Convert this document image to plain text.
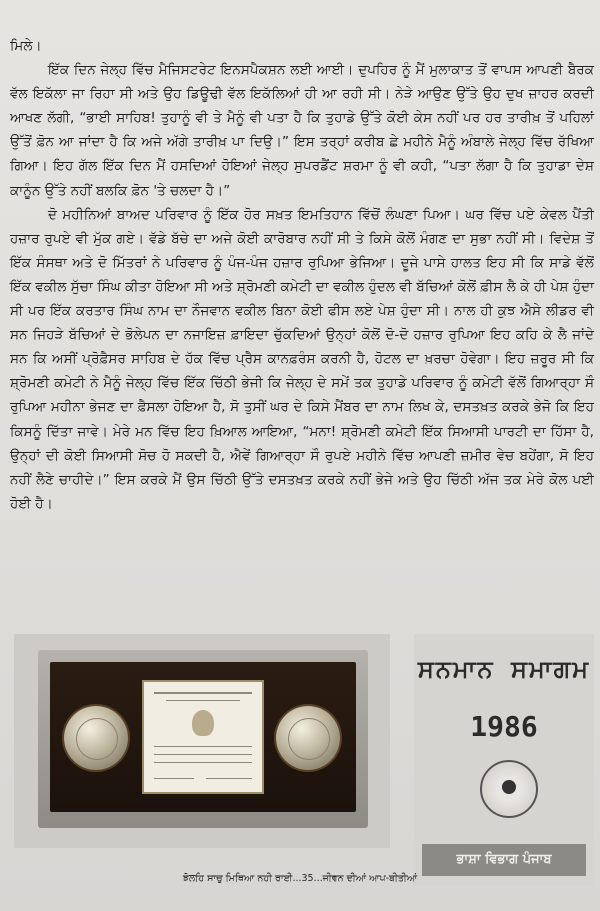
ਮਿਲੇ।

ਇੱਕ ਦਿਨ ਜੇਲ੍ਹ ਵਿੱਚ ਮੈਜਿਸਟਰੇਟ ਇਨਸਪੈਕਸ਼ਨ ਲਈ ਆਈ। ਦੁਪਹਿਰ ਨੂੰ ਮੈਂ ਮੁਲਾਕਾਤ ਤੋਂ ਵਾਪਸ ਆਪਣੀ ਬੈਰਕ ਵੱਲ ਇਕੱਲਾ ਜਾ ਰਿਹਾ ਸੀ ਅਤੇ ਉਹ ਡਿਊਢੀ ਵੱਲ ਇਕੱਲਿਆਂ ਹੀ ਆ ਰਹੀ ਸੀ। ਨੇੜੇ ਆਉਣ ਉੱਤੇ ਉਹ ਦੁਖ ਜ਼ਾਹਰ ਕਰਦੀ ਆਖਣ ਲੱਗੀ, “ਭਾਈ ਸਾਹਿਬ! ਤੁਹਾਨੂੰ ਵੀ ਤੇ ਮੈਨੂੰ ਵੀ ਪਤਾ ਹੈ ਕਿ ਤੁਹਾਡੇ ਉੱਤੇ ਕੋਈ ਕੇਸ ਨਹੀਂ ਪਰ ਹਰ ਤਾਰੀਖ਼ ਤੋਂ ਪਹਿਲਾਂ ਉੱਤੋਂ ਫ਼ੋਨ ਆ ਜਾਂਦਾ ਹੈ ਕਿ ਅਜੇ ਅੱਗੇ ਤਾਰੀਖ਼ ਪਾ ਦਿਉ।” ਇਸ ਤਰ੍ਹਾਂ ਕਰੀਬ ਛੇ ਮਹੀਨੇ ਮੈਨੂੰ ਅੰਬਾਲੇ ਜੇਲ੍ਹ ਵਿੱਚ ਰੱਖਿਆ ਗਿਆ। ਇਹ ਗੱਲ ਇੱਕ ਦਿਨ ਮੈਂ ਹਸਦਿਆਂ ਹੋਇਆਂ ਜੇਲ੍ਹ ਸੁਪਰਡੈਂਟ ਸ਼ਰਮਾ ਨੂੰ ਵੀ ਕਹੀ, “ਪਤਾ ਲੱਗਾ ਹੈ ਕਿ ਤੁਹਾਡਾ ਦੇਸ਼ ਕਾਨੂੰਨ ਉੱਤੇ ਨਹੀਂ ਬਲਕਿ ਫ਼ੋਨ 'ਤੇ ਚਲਦਾ ਹੈ।”

ਦੋ ਮਹੀਨਿਆਂ ਬਾਅਦ ਪਰਿਵਾਰ ਨੂੰ ਇੱਕ ਹੋਰ ਸਖ਼ਤ ਇਮਤਿਹਾਨ ਵਿੱਚੋਂ ਲੰਘਣਾ ਪਿਆ। ਘਰ ਵਿੱਚ ਪਏ ਕੇਵਲ ਪੈਂਤੀ ਹਜ਼ਾਰ ਰੁਪਏ ਵੀ ਮੁੱਕ ਗਏ। ਵੱਡੇ ਬੱਚੇ ਦਾ ਅਜੇ ਕੋਈ ਕਾਰੋਬਾਰ ਨਹੀਂ ਸੀ ਤੇ ਕਿਸੇ ਕੋਲੋਂ ਮੰਗਣ ਦਾ ਸੁਭਾ ਨਹੀਂ ਸੀ। ਵਿਦੇਸ਼ ਤੋਂ ਇੱਕ ਸੰਸਥਾ ਅਤੇ ਦੋ ਮਿੱਤਰਾਂ ਨੇ ਪਰਿਵਾਰ ਨੂੰ ਪੰਜ-ਪੰਜ ਹਜ਼ਾਰ ਰੁਪਿਆ ਭੇਜਿਆ। ਦੂਜੇ ਪਾਸੇ ਹਾਲਤ ਇਹ ਸੀ ਕਿ ਸਾਡੇ ਵੱਲੋਂ ਇੱਕ ਵਕੀਲ ਸੁੱਚਾ ਸਿੰਘ ਕੀਤਾ ਹੋਇਆ ਸੀ ਅਤੇ ਸ਼੍ਰੋਮਣੀ ਕਮੇਟੀ ਦਾ ਵਕੀਲ ਹੁੰਦਲ ਵੀ ਬੱਚਿਆਂ ਕੋਲੋਂ ਫ਼ੀਸ ਲੈ ਕੇ ਹੀ ਪੇਸ਼ ਹੁੰਦਾ ਸੀ ਪਰ ਇੱਕ ਕਰਤਾਰ ਸਿੰਘ ਨਾਮ ਦਾ ਨੌਜਵਾਨ ਵਕੀਲ ਬਿਨਾ ਕੋਈ ਫੀਸ ਲਏ ਪੇਸ਼ ਹੁੰਦਾ ਸੀ। ਨਾਲ ਹੀ ਕੁਝ ਐਸੇ ਲੀਡਰ ਵੀ ਸਨ ਜਿਹੜੇ ਬੱਚਿਆਂ ਦੇ ਭੋਲੇਪਨ ਦਾ ਨਜਾਇਜ਼ ਫ਼ਾਇਦਾ ਚੁੱਕਦਿਆਂ ਉਨ੍ਹਾਂ ਕੋਲੋਂ ਦੋ-ਦੋ ਹਜ਼ਾਰ ਰੁਪਿਆ ਇਹ ਕਹਿ ਕੇ ਲੈ ਜਾਂਦੇ ਸਨ ਕਿ ਅਸੀਂ ਪ੍ਰੋਫ਼ੈਸਰ ਸਾਹਿਬ ਦੇ ਹੱਕ ਵਿੱਚ ਪ੍ਰੈਸ ਕਾਨਫ਼ਰੰਸ ਕਰਨੀ ਹੈ, ਹੋਟਲ ਦਾ ਖ਼ਰਚਾ ਹੋਵੇਗਾ। ਇਹ ਜ਼ਰੂਰ ਸੀ ਕਿ ਸ਼੍ਰੋਮਣੀ ਕਮੇਟੀ ਨੇ ਮੈਨੂੰ ਜੇਲ੍ਹ ਵਿੱਚ ਇੱਕ ਚਿੱਠੀ ਭੇਜੀ ਕਿ ਜੇਲ੍ਹ ਦੇ ਸਮੇਂ ਤਕ ਤੁਹਾਡੇ ਪਰਿਵਾਰ ਨੂੰ ਕਮੇਟੀ ਵੱਲੋਂ ਗਿਆਰ੍ਹਾ ਸੌ ਰੁਪਿਆ ਮਹੀਨਾ ਭੇਜਣ ਦਾ ਫ਼ੈਸਲਾ ਹੋਇਆ ਹੈ, ਸੋ ਤੁਸੀਂ ਘਰ ਦੇ ਕਿਸੇ ਮੈਂਬਰ ਦਾ ਨਾਮ ਲਿਖ ਕੇ, ਦਸਤਖ਼ਤ ਕਰਕੇ ਭੇਜੋ ਕਿ ਇਹ ਕਿਸਨੂੰ ਦਿੱਤਾ ਜਾਵੇ। ਮੇਰੇ ਮਨ ਵਿੱਚ ਇਹ ਖ਼ਿਆਲ ਆਇਆ, “ਮਨਾ! ਸ਼੍ਰੋਮਣੀ ਕਮੇਟੀ ਇੱਕ ਸਿਆਸੀ ਪਾਰਟੀ ਦਾ ਹਿੱਸਾ ਹੈ, ਉਨ੍ਹਾਂ ਦੀ ਕੋਈ ਸਿਆਸੀ ਸੋਚ ਹੋ ਸਕਦੀ ਹੈ, ਐਵੇਂ ਗਿਆਰ੍ਹਾ ਸੌ ਰੁਪਏ ਮਹੀਨੇ ਵਿੱਚ ਆਪਣੀ ਜ਼ਮੀਰ ਵੇਚ ਬਹੇਂਗਾ, ਸੋ ਇਹ ਨਹੀਂ ਲੈਣੇ ਚਾਹੀਦੇ।” ਇਸ ਕਰਕੇ ਮੈਂ ਉਸ ਚਿੱਠੀ ਉੱਤੇ ਦਸਤਖ਼ਤ ਕਰਕੇ ਨਹੀਂ ਭੇਜੇ ਅਤੇ ਉਹ ਚਿੱਠੀ ਅੱਜ ਤਕ ਮੇਰੇ ਕੋਲ ਪਈ ਹੋਈ ਹੈ।

ਸਨਮਾਨ ਸਮਾਗਮ
1986
ਭਾਸ਼ਾ ਵਿਭਾਗ ਪੰਜਾਬ
ਝੋਲਹਿ ਸਾਚੁ ਮਿਥਿਆ ਨਹੀ ਰਾਈ...35...ਜੀਵਨ ਦੀਆਂ ਆਪ-ਬੀਤੀਆਂ
